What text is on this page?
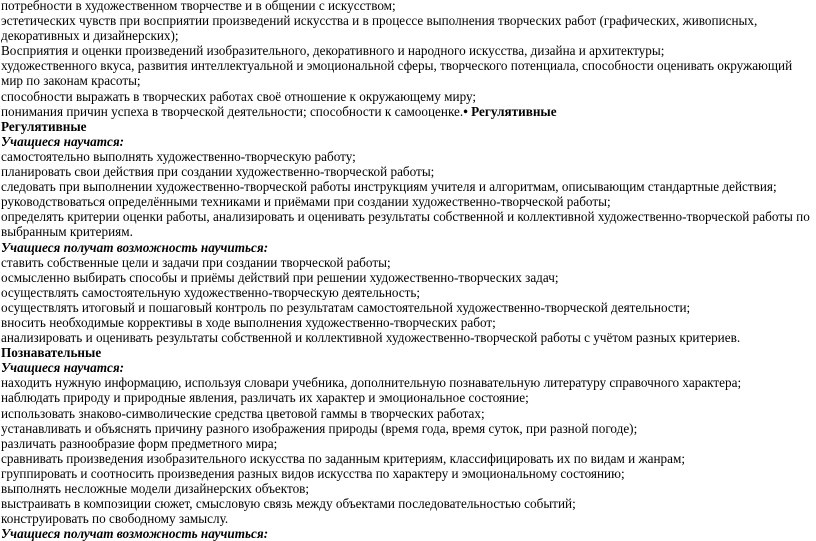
потребности в художественном творчестве и в общении с искусством;

эстетических чувств при восприятии произведений искусства и в процессе выполнения творческих работ (графических, живописных, декоративных и дизайнерских);

Восприятия и оценки произведений изобразительного, декоративного и народного искусства, дизайна и архитектуры;

художественного вкуса, развития интеллектуальной и эмоциональной сферы, творческого потенциала, способности оценивать окружающий мир по законам красоты;

способности выражать в творческих работах своё отношение к окружающему миру;

понимания причин успеха в творческой деятельности; способности к самооценке.• Регулятивные

Регулятивные

Учащиеся научатся:

самостоятельно выполнять художественно-творческую работу;

планировать свои действия при создании художественно-творческой работы;

следовать при выполнении художественно-творческой работы инструкциям учителя и алгоритмам, описывающим стандартные действия;

руководствоваться определёнными техниками и приёмами при создании художественно-творческой работы;

определять критерии оценки работы, анализировать и оценивать результаты собственной и коллективной художественно-творческой работы по выбранным критериям.

Учащиеся получат возможность научиться:

ставить собственные цели и задачи при создании творческой работы;

осмысленно выбирать способы и приёмы действий при решении художественно-творческих задач;

осуществлять самостоятельную художественно-творческую деятельность;

осуществлять итоговый и пошаговый контроль по результатам самостоятельной художественно-творческой деятельности;

вносить необходимые коррективы в ходе выполнения художественно-творческих работ;

анализировать и оценивать результаты собственной и коллективной художественно-творческой работы с учётом разных критериев.

Познавательные

Учащиеся научатся:

находить нужную информацию, используя словари учебника, дополнительную познавательную литературу справочного характера;

наблюдать природу и природные явления, различать их характер и эмоциональное состояние;

использовать знаково-символические средства цветовой гаммы в творческих работах;

устанавливать и объяснять причину разного изображения природы (время года, время суток, при разной погоде);

различать разнообразие форм предметного мира;

сравнивать произведения изобразительного искусства по заданным критериям, классифицировать их по видам и жанрам;

группировать и соотносить произведения разных видов искусства по характеру и эмоциональному состоянию;

выполнять несложные модели дизайнерских объектов;

выстраивать в композиции сюжет, смысловую связь между объектами последовательностью событий;

конструировать по свободному замыслу.

Учащиеся получат возможность научиться:
